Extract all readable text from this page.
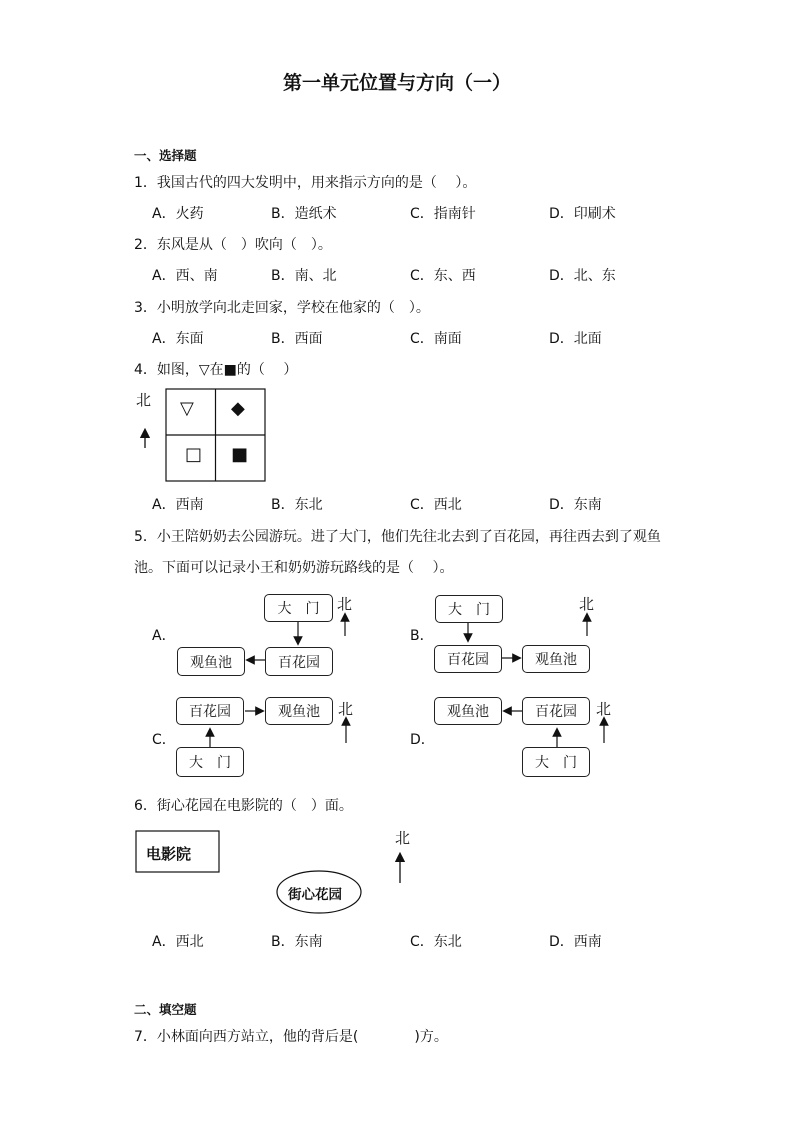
第一单元位置与方向（一）
一、选择题
1．我国古代的四大发明中，用来指示方向的是（　 ）。
A．火药	B．造纸术	C．指南针	D．印刷术
2．东风是从（　）吹向（　）。
A．西、南	B．南、北	C．东、西	D．北、东
3．小明放学向北走回家，学校在他家的（　）。
A．东面	B．西面	C．南面	D．北面
4．如图，▽在■的（　 ）
北 ▽ ◆
□ ■
A．西南	B．东北	C．西北	D．东南
5．小王陪奶奶去公园游玩。进了大门，他们先往北去到了百花园，再往西去到了观鱼
池。下面可以记录小王和奶奶游玩路线的是（　 ）。
A．
大　门
百花园
观鱼池
北
B．
大　门
百花园	观鱼池
北
C．
百花园	观鱼池
大　门
北
D．
观鱼池	百花园
大　门
北
6．街心花园在电影院的（　）面。
电影院
街心花园
北
A．西北	B．东南	C．东北	D．西南
二、填空题
7．小林面向西方站立，他的背后是(　　　　)方。
